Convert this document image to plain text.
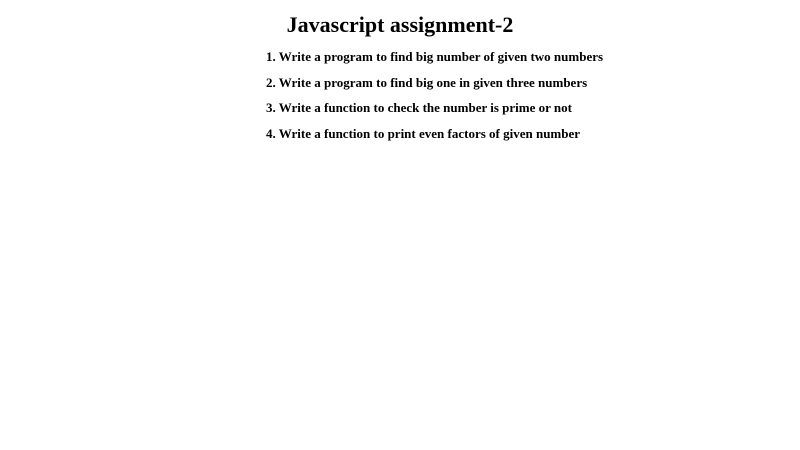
Javascript assignment-2
1. Write a program to find big number of given two numbers
2. Write a program to find big one in given three numbers
3. Write a function to check the number is prime or not
4. Write a function to print even factors of given number
